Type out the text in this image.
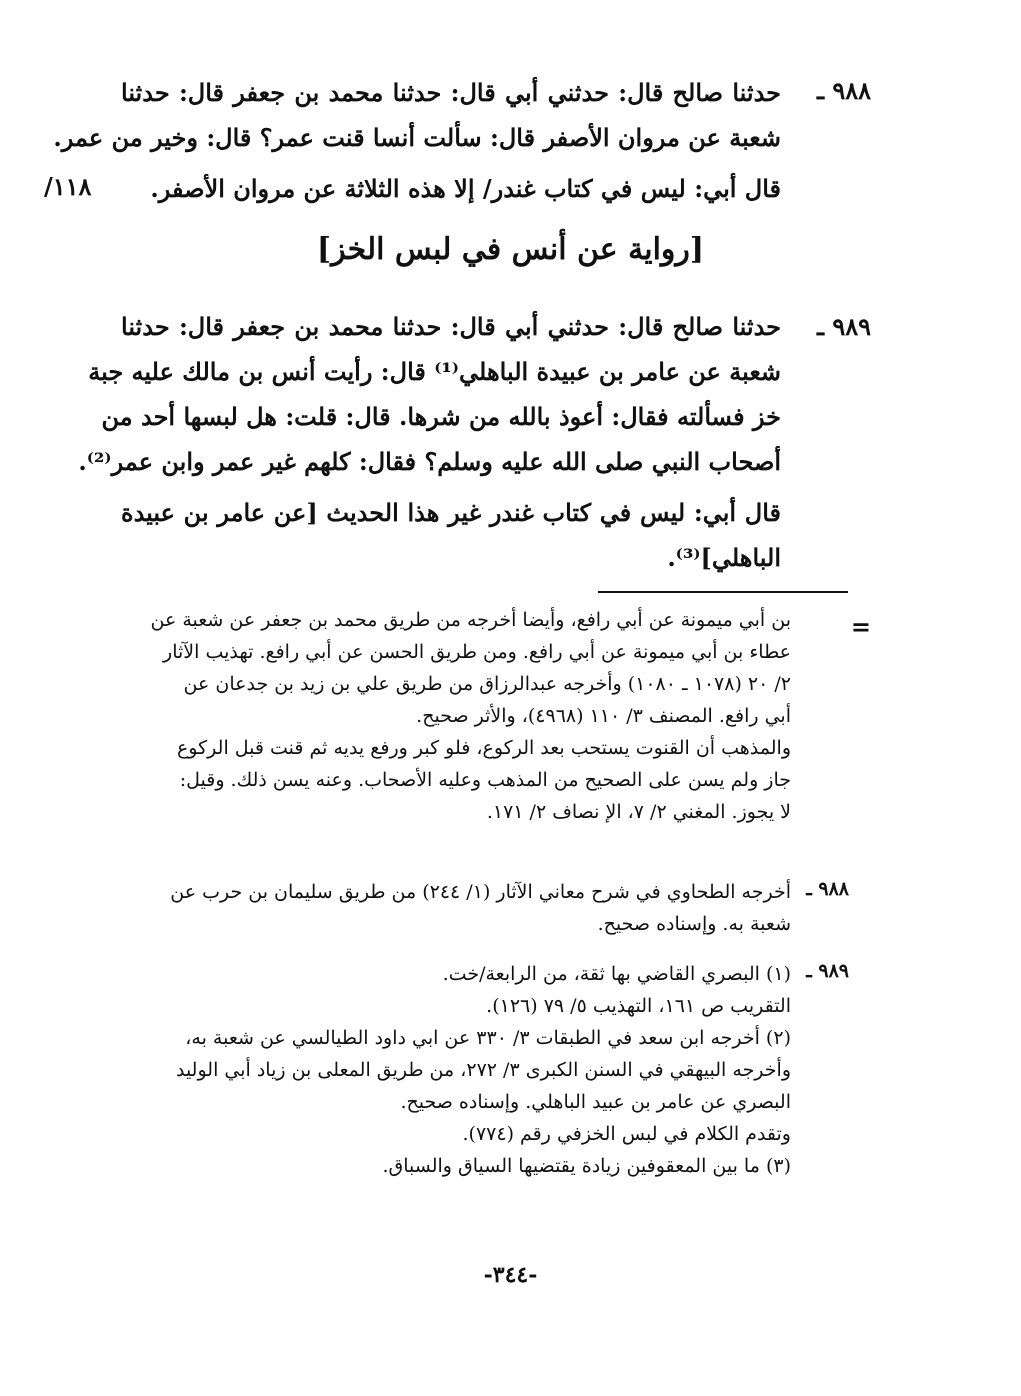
٩٨٨ ـ
حدثنا صالح قال: حدثني أبي قال: حدثنا محمد بن جعفر قال: حدثنا
شعبة عن مروان الأصفر قال: سألت أنسا قنت عمر؟ قال: وخير من عمر.
قال أبي: ليس في كتاب غندر/ إلا هذه الثلاثة عن مروان الأصفر.
/١١٨
[رواية عن أنس في لبس الخز]
٩٨٩ ـ
حدثنا صالح قال: حدثني أبي قال: حدثنا محمد بن جعفر قال: حدثنا
شعبة عن عامر بن عبيدة الباهلي⁽¹⁾ قال: رأيت أنس بن مالك عليه جبة
خز فسألته فقال: أعوذ بالله من شرها. قال: قلت: هل لبسها أحد من
أصحاب النبي صلى الله عليه وسلم؟ فقال: كلهم غير عمر وابن عمر⁽²⁾.
قال أبي: ليس في كتاب غندر غير هذا الحديث [عن عامر بن عبيدة
الباهلي]⁽³⁾.
=
بن أبي ميمونة عن أبي رافع، وأيضا أخرجه من طريق محمد بن جعفر عن شعبة عن
عطاء بن أبي ميمونة عن أبي رافع. ومن طريق الحسن عن أبي رافع. تهذيب الآثار
٢/ ٢٠ (١٠٧٨ ـ ١٠٨٠) وأخرجه عبدالرزاق من طريق علي بن زيد بن جدعان عن
أبي رافع. المصنف ٣/ ١١٠ (٤٩٦٨)، والأثر صحيح.
والمذهب أن القنوت يستحب بعد الركوع، فلو كبر ورفع يديه ثم قنت قبل الركوع
جاز ولم يسن على الصحيح من المذهب وعليه الأصحاب. وعنه يسن ذلك. وقيل:
لا يجوز. المغني ٢/ ٧، الإ نصاف ٢/ ١٧١.
٩٨٨ ـ
أخرجه الطحاوي في شرح معاني الآثار (١/ ٢٤٤) من طريق سليمان بن حرب عن
شعبة به. وإسناده صحيح.
٩٨٩ ـ
(١) البصري القاضي بها ثقة، من الرابعة/خت.
التقريب ص ١٦١، التهذيب ٥/ ٧٩ (١٢٦).
(٢) أخرجه ابن سعد في الطبقات ٣/ ٣٣٠ عن ابي داود الطيالسي عن شعبة به،
وأخرجه البيهقي في السنن الكبرى ٣/ ٢٧٢، من طريق المعلى بن زياد أبي الوليد
البصري عن عامر بن عبيد الباهلي. وإسناده صحيح.
وتقدم الكلام في لبس الخزفي رقم (٧٧٤).
(٣) ما بين المعقوفين زيادة يقتضيها السياق والسباق.
-٣٤٤-
